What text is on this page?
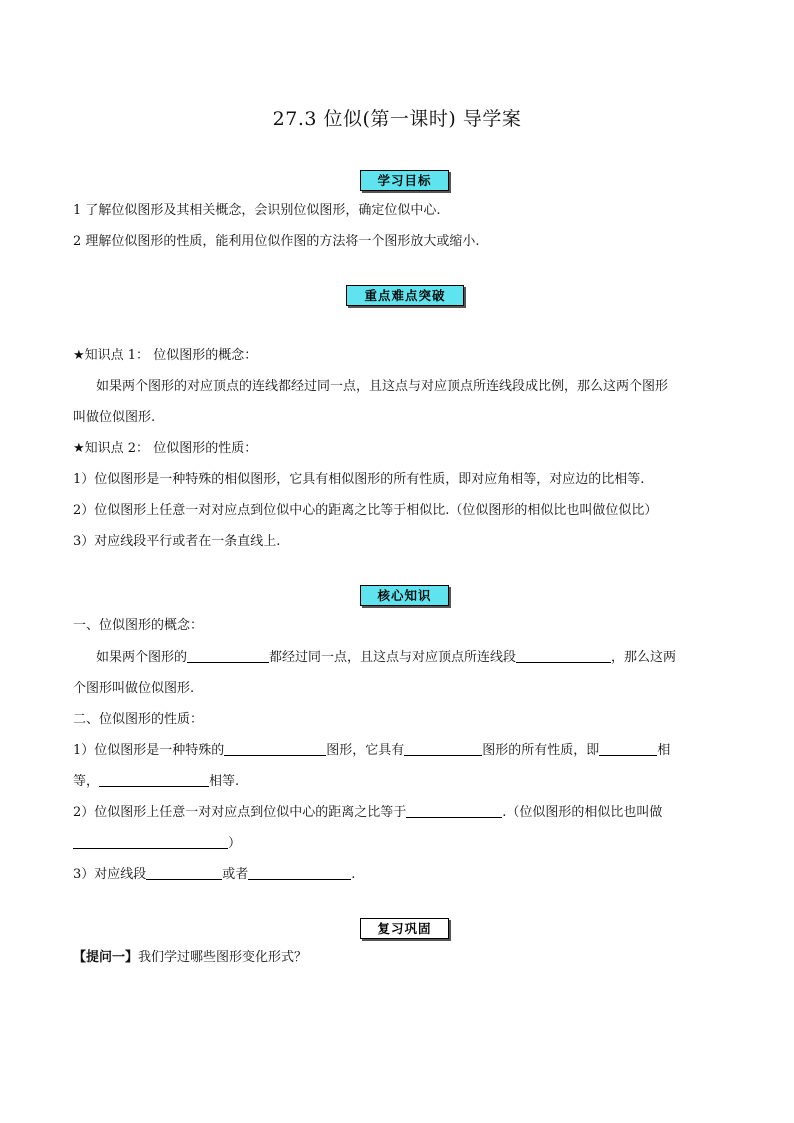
27.3 位似(第一课时) 导学案
学习目标
1 了解位似图形及其相关概念，会识别位似图形，确定位似中心.
2 理解位似图形的性质，能利用位似作图的方法将一个图形放大或缩小.
重点难点突破
★知识点 1： 位似图形的概念：
如果两个图形的对应顶点的连线都经过同一点，且这点与对应顶点所连线段成比例，那么这两个图形
叫做位似图形.
★知识点 2： 位似图形的性质：
1）位似图形是一种特殊的相似图形，它具有相似图形的所有性质，即对应角相等，对应边的比相等.
2）位似图形上任意一对对应点到位似中心的距离之比等于相似比.（位似图形的相似比也叫做位似比）
3）对应线段平行或者在一条直线上.
核心知识
一、位似图形的概念：
如果两个图形的	都经过同一点，且这点与对应顶点所连线段	，那么这两
个图形叫做位似图形.
二、位似图形的性质：
1）位似图形是一种特殊的	图形，它具有	图形的所有性质，即	相
等，	相等.
2）位似图形上任意一对对应点到位似中心的距离之比等于	.（位似图形的相似比也叫做
）
3）对应线段	或者	.
复习巩固
【提问一】我们学过哪些图形变化形式？
